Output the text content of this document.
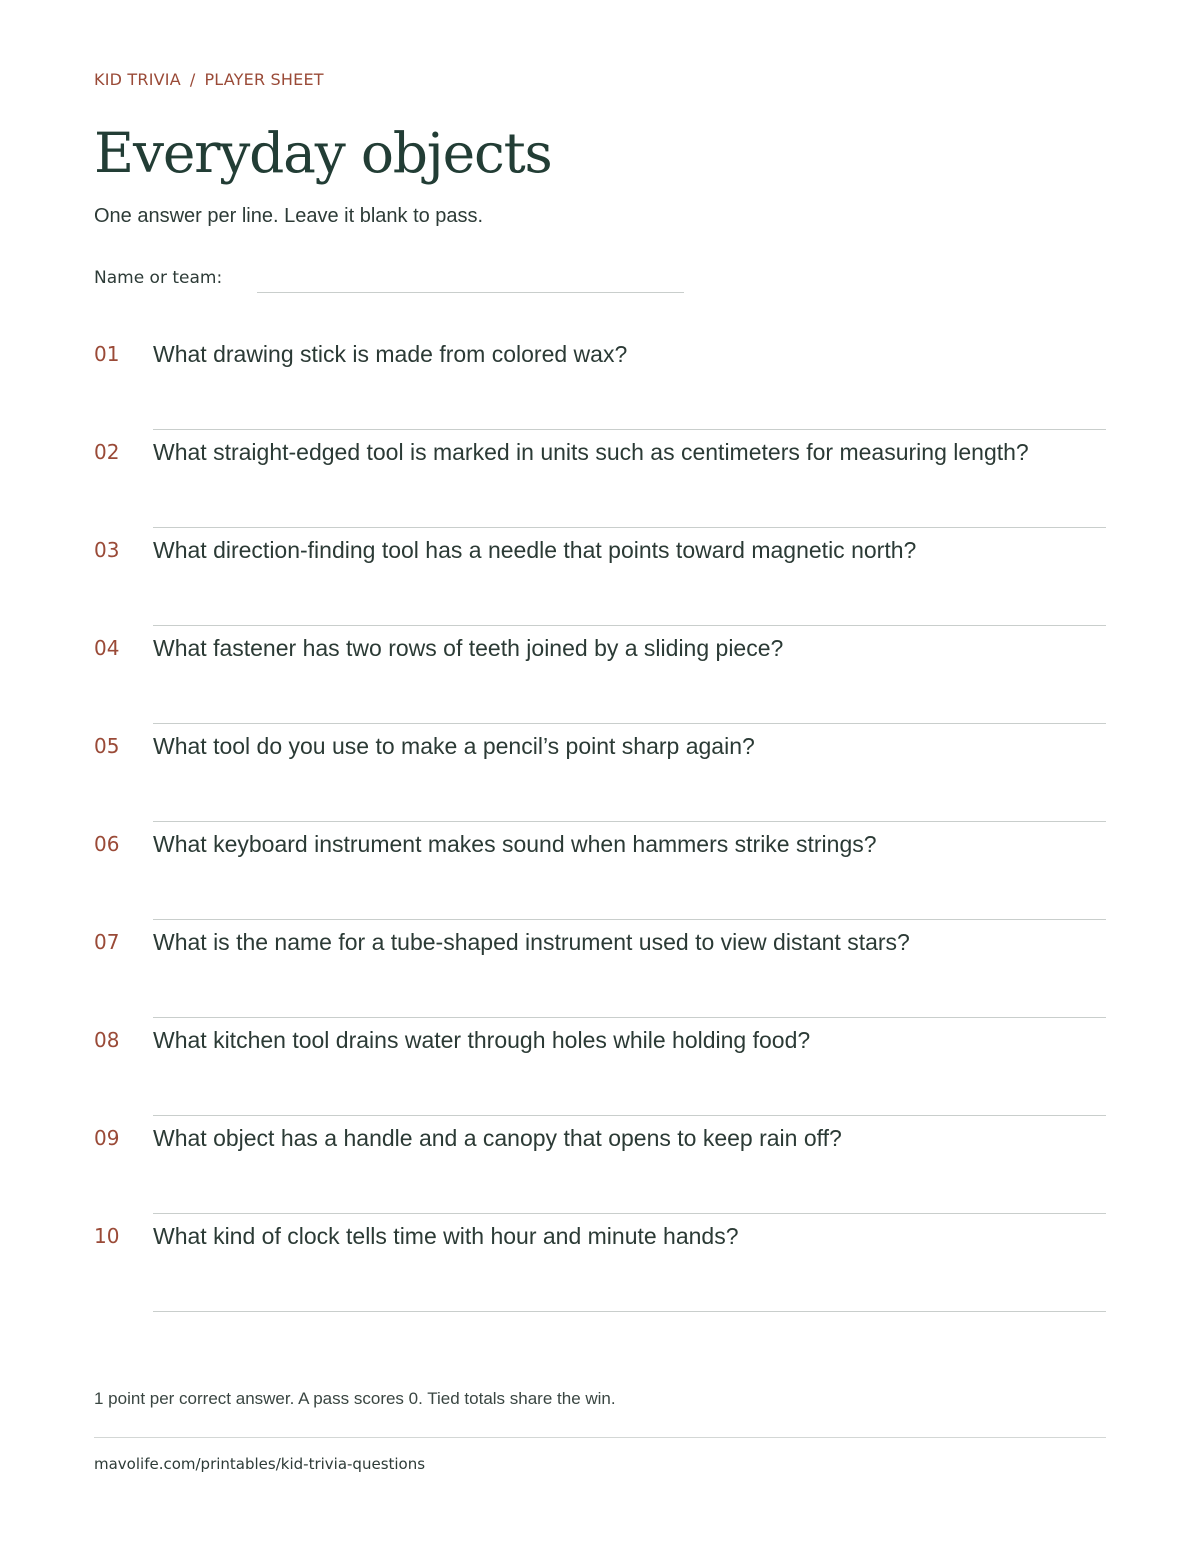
KID TRIVIA / PLAYER SHEET
Everyday objects
One answer per line. Leave it blank to pass.
Name or team:
01 What drawing stick is made from colored wax?
02 What straight-edged tool is marked in units such as centimeters for measuring length?
03 What direction-finding tool has a needle that points toward magnetic north?
04 What fastener has two rows of teeth joined by a sliding piece?
05 What tool do you use to make a pencil’s point sharp again?
06 What keyboard instrument makes sound when hammers strike strings?
07 What is the name for a tube-shaped instrument used to view distant stars?
08 What kitchen tool drains water through holes while holding food?
09 What object has a handle and a canopy that opens to keep rain off?
10 What kind of clock tells time with hour and minute hands?
1 point per correct answer. A pass scores 0. Tied totals share the win.
mavolife.com/printables/kid-trivia-questions
